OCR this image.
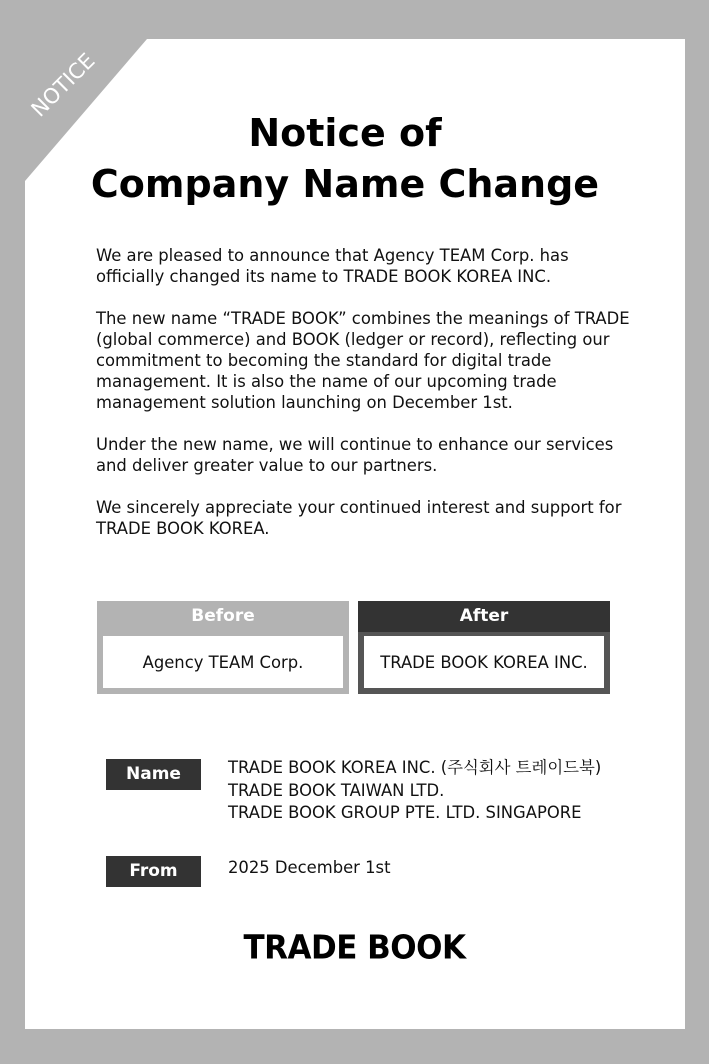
NOTICE
Notice of
Company Name Change

We are pleased to announce that Agency TEAM Corp. has officially changed its name to TRADE BOOK KOREA INC.

The new name “TRADE BOOK” combines the meanings of TRADE (global commerce) and BOOK (ledger or record), reflecting our commitment to becoming the standard for digital trade management. It is also the name of our upcoming trade management solution launching on December 1st.

Under the new name, we will continue to enhance our services and deliver greater value to our partners.

We sincerely appreciate your continued interest and support for TRADE BOOK KOREA.

Before
Agency TEAM Corp.
After
TRADE BOOK KOREA INC.
Name	TRADE BOOK KOREA INC. (주식회사 트레이드북)
TRADE BOOK TAIWAN LTD.
TRADE BOOK GROUP PTE. LTD. SINGAPORE
From	2025 December 1st
TRADE BOOK
